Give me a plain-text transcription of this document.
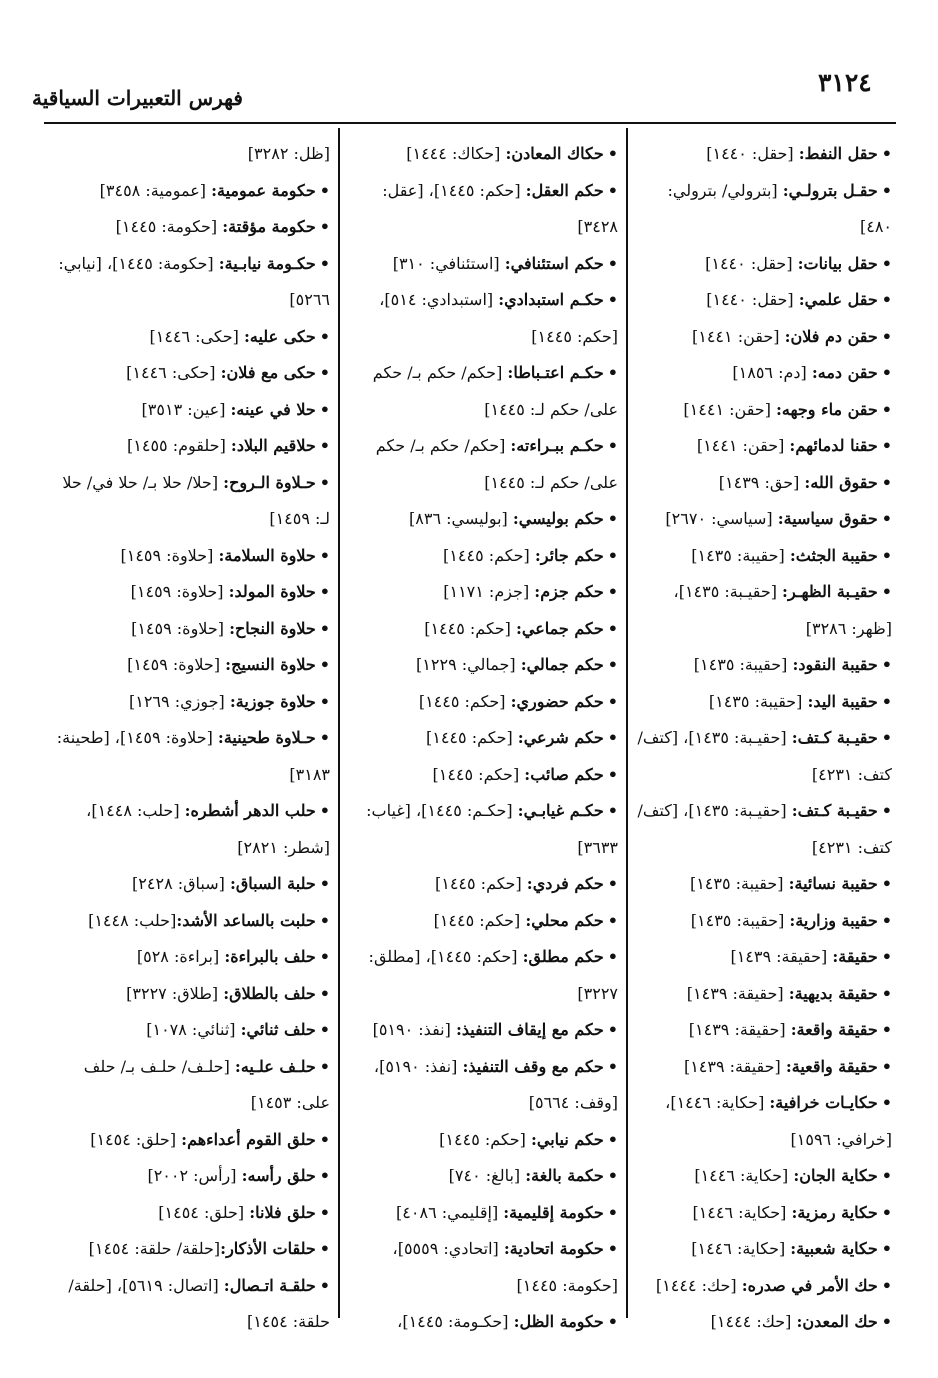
٣١٢٤
فهرس التعبيرات السياقية
•حقل النفط: [حقل: ١٤٤٠]
•حقـل بترولـي: [بترولي/ بترولي: ٤٨٠]
•حقل بيانات: [حقل: ١٤٤٠]
•حقل علمي: [حقل: ١٤٤٠]
•حقن دم فلان: [حقن: ١٤٤١]
•حقن دمه: [دم: ١٨٥٦]
•حقن ماء وجهه: [حقن: ١٤٤١]
•حقنا لدمائهم: [حقن: ١٤٤١]
•حقوق الله: [حق: ١٤٣٩]
•حقوق سياسية: [سياسي: ٢٦٧٠]
•حقيبة الجثث: [حقيبة: ١٤٣٥]
•حقيـبة الظهـر: [حقيـبة: ١٤٣٥]، [ظهر: ٣٢٨٦]
•حقيبة النقود: [حقيبة: ١٤٣٥]
•حقيبة اليد: [حقيبة: ١٤٣٥]
•حقيـبة كـتف: [حقيـبة: ١٤٣٥]، [كتف/ كتف: ٤٢٣١]
•حقيـبة كـتف: [حقيـبة: ١٤٣٥]، [كتف/ كتف: ٤٢٣١]
•حقيبة نسائية: [حقيبة: ١٤٣٥]
•حقيبة وزارية: [حقيبة: ١٤٣٥]
•حقيقة: [حقيقة: ١٤٣٩]
•حقيقة بديهية: [حقيقة: ١٤٣٩]
•حقيقة واقعة: [حقيقة: ١٤٣٩]
•حقيقة واقعية: [حقيقة: ١٤٣٩]
•حكايـات خرافية: [حكاية: ١٤٤٦]، [خرافي: ١٥٩٦]
•حكاية الجان: [حكاية: ١٤٤٦]
•حكاية رمزية: [حكاية: ١٤٤٦]
•حكاية شعبية: [حكاية: ١٤٤٦]
•حك الأمر في صدره: [حك: ١٤٤٤]
•حك المعدن: [حك: ١٤٤٤]
•حكاك المعادن: [حكاك: ١٤٤٤]
•حكم العقل: [حكم: ١٤٤٥]، [عقل: ٣٤٢٨]
•حكم استئنافي: [استئنافي: ٣١٠]
•حكـم استبدادي: [استبدادي: ٥١٤]، [حكم: ١٤٤٥]
•حكـم اعتـباطا: [حكم/ حكم بـ/ حكم على/ حكم لـ: ١٤٤٥]
•حكـم ببـراءته: [حكم/ حكم بـ/ حكم على/ حكم لـ: ١٤٤٥]
•حكم بوليسي: [بوليسي: ٨٣٦]
•حكم جائر: [حكم: ١٤٤٥]
•حكم جزم: [جزم: ١١٧١]
•حكم جماعي: [حكم: ١٤٤٥]
•حكم جمالي: [جمالي: ١٢٢٩]
•حكم حضوري: [حكم: ١٤٤٥]
•حكم شرعي: [حكم: ١٤٤٥]
•حكم صائب: [حكم: ١٤٤٥]
•حكـم غيابـي: [حكـم: ١٤٤٥]، [غياب: ٣٦٣٣]
•حكم فردي: [حكم: ١٤٤٥]
•حكم محلي: [حكم: ١٤٤٥]
•حكم مطلق: [حكم: ١٤٤٥]، [مطلق: ٣٢٢٧]
•حكم مع إيقاف التنفيذ: [نفذ: ٥١٩٠]
•حكم مع وقف التنفيذ: [نفذ: ٥١٩٠]، [وقف: ٥٦٦٤]
•حكم نيابي: [حكم: ١٤٤٥]
•حكمة بالغة: [بالغ: ٧٤٠]
•حكومة إقليمية: [إقليمي: ٤٠٨٦]
•حكومة اتحادية: [اتحادي: ٥٥٥٩]، [حكومة: ١٤٤٥]
•حكومة الظل: [حكـومة: ١٤٤٥]،
[ظل: ٣٢٨٢]
•حكومة عمومية: [عمومية: ٣٤٥٨]
•حكومة مؤقتة: [حكومة: ١٤٤٥]
•حكـومة نيابـية: [حكومة: ١٤٤٥]، [نيابي: ٥٢٦٦]
•حكى عليه: [حكى: ١٤٤٦]
•حكى مع فلان: [حكى: ١٤٤٦]
•حلا في عينه: [عين: ٣٥١٣]
•حلاقيم البلاد: [حلقوم: ١٤٥٥]
•حـلاوة الـروح: [حلا/ حلا بـ/ حلا في/ حلا لـ: ١٤٥٩]
•حلاوة السلامة: [حلاوة: ١٤٥٩]
•حلاوة المولد: [حلاوة: ١٤٥٩]
•حلاوة النجاح: [حلاوة: ١٤٥٩]
•حلاوة النسيج: [حلاوة: ١٤٥٩]
•حلاوة جوزية: [جوزي: ١٢٦٩]
•حـلاوة طحينية: [حلاوة: ١٤٥٩]، [طحينة: ٣١٨٣]
•حلب الدهر أشطره: [حلب: ١٤٤٨]، [شطر: ٢٨٢١]
•حلبة السباق: [سباق: ٢٤٢٨]
•حلبت بالساعد الأشد:[حلب: ١٤٤٨]
•حلف بالبراءة: [براءة: ٥٢٨]
•حلف بالطلاق: [طلاق: ٣٢٢٧]
•حلف ثنائي: [ثنائي: ١٠٧٨]
•حلـف علـيه: [حلـف/ حلـف بـ/ حلف على: ١٤٥٣]
•حلق القوم أعداءهم: [حلق: ١٤٥٤]
•حلق رأسه: [رأس: ٢٠٠٢]
•حلق فلانا: [حلق: ١٤٥٤]
•حلقات الأذكار:[حلقة/ حلقة: ١٤٥٤]
•حلقـة اتـصال: [اتصال: ٥٦١٩]، [حلقة/ حلقة: ١٤٥٤]
